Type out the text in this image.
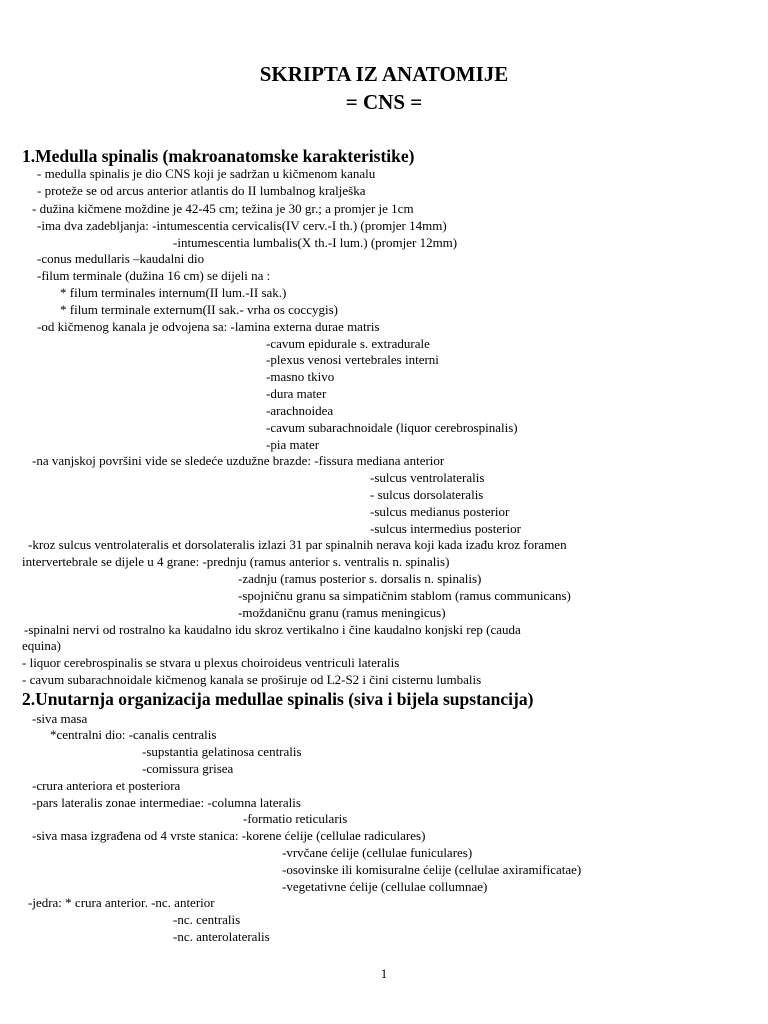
SKRIPTA IZ ANATOMIJE
= CNS =
1.Medulla spinalis (makroanatomske karakteristike)
- medulla spinalis je dio CNS koji je sadržan u kičmenom kanalu
- proteže se od arcus anterior atlantis do II lumbalnog kralješka
- dužina kičmene moždine je 42-45 cm; težina je 30 gr.; a promjer je 1cm
-ima dva zadebljanja: -intumescentia cervicalis(IV cerv.-I th.) (promjer 14mm)
-intumescentia lumbalis(X th.-I lum.) (promjer 12mm)
-conus medullaris –kaudalni dio
-filum terminale (dužina 16 cm) se dijeli na :
* filum terminales internum(II lum.-II sak.)
* filum terminale externum(II sak.- vrha os coccygis)
-od kičmenog kanala je odvojena sa: -lamina externa durae matris
-cavum epidurale s. extradurale
-plexus venosi vertebrales interni
-masno tkivo
-dura mater
-arachnoidea
-cavum subarachnoidale (liquor cerebrospinalis)
-pia mater
-na vanjskoj površini vide se sledeće uzdužne brazde: -fissura mediana anterior
-sulcus ventrolateralis
- sulcus dorsolateralis
-sulcus medianus posterior
-sulcus intermedius posterior
-kroz sulcus ventrolateralis et dorsolateralis izlazi 31 par spinalnih nerava koji kada izađu kroz foramen
intervertebrale se dijele u 4 grane: -prednju (ramus anterior s. ventralis n. spinalis)
-zadnju (ramus posterior s. dorsalis n. spinalis)
-spojničnu granu sa simpatičnim stablom (ramus communicans)
-moždaničnu granu (ramus meningicus)
-spinalni nervi od rostralno ka kaudalno idu skroz vertikalno i čine kaudalno konjski rep (cauda
equina)
- liquor cerebrospinalis se stvara u plexus choiroideus ventriculi lateralis
- cavum subarachnoidale kičmenog kanala se proširuje od L2-S2 i čini cisternu lumbalis
2.Unutarnja organizacija medullae spinalis (siva i bijela supstancija)
-siva masa
*centralni dio: -canalis centralis
-supstantia gelatinosa centralis
-comissura grisea
-crura anteriora et posteriora
-pars lateralis zonae intermediae: -columna lateralis
-formatio reticularis
-siva masa izgrađena od 4 vrste stanica: -korene ćelije (cellulae radiculares)
-vrvčane ćelije (cellulae funiculares)
-osovinske ili komisuralne ćelije (cellulae axiramificatae)
-vegetativne ćelije (cellulae collumnae)
-jedra: * crura anterior. -nc. anterior
-nc. centralis
-nc. anterolateralis
1
